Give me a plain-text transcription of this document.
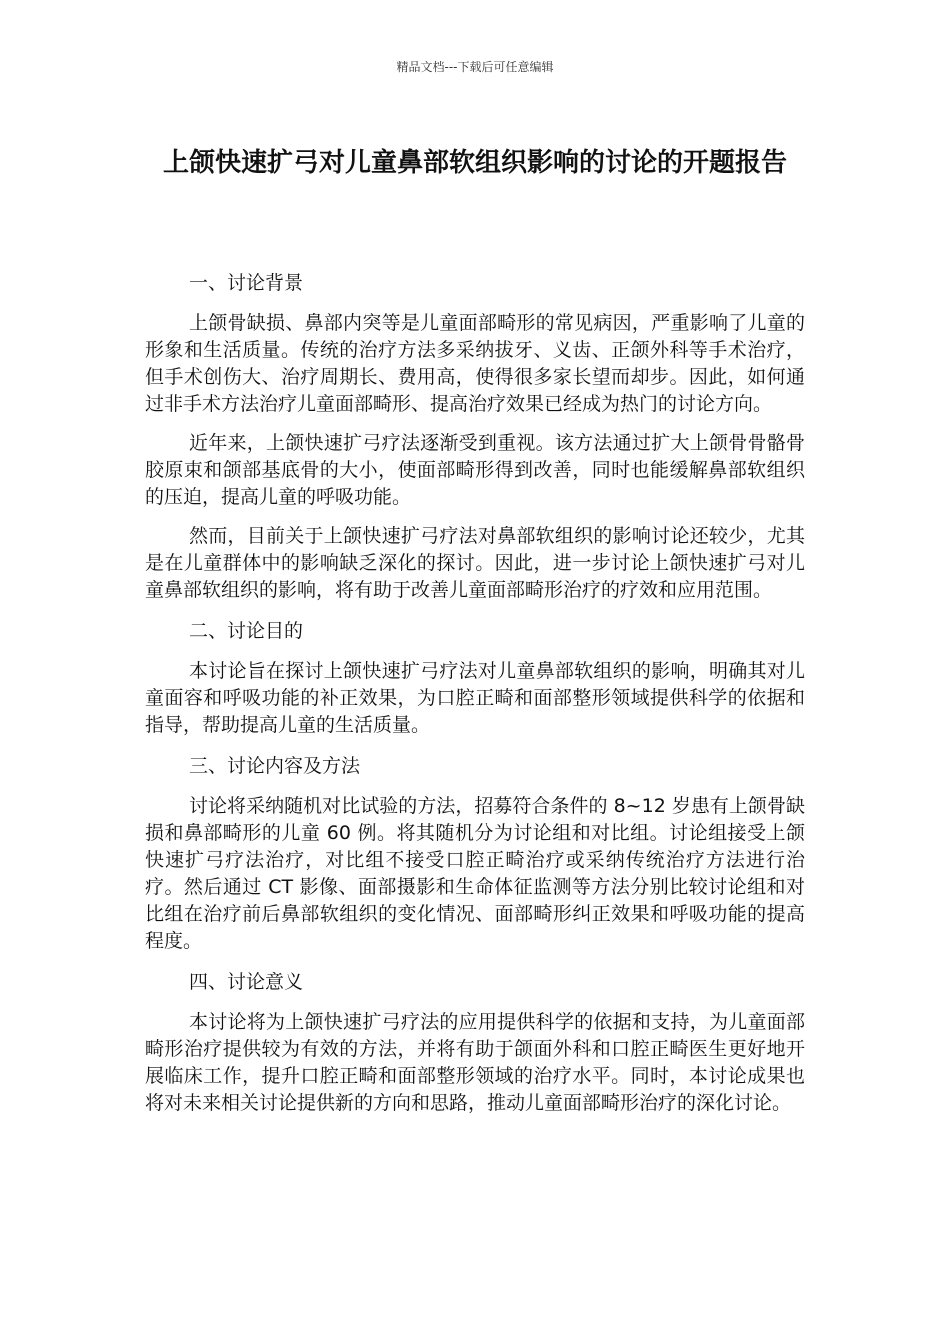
精品文档---下载后可任意编辑
上颌快速扩弓对儿童鼻部软组织影响的讨论的开题报告
一、讨论背景

上颌骨缺损、鼻部内突等是儿童面部畸形的常见病因，严重影响了儿童的形象和生活质量。传统的治疗方法多采纳拔牙、义齿、正颌外科等手术治疗，但手术创伤大、治疗周期长、费用高，使得很多家长望而却步。因此，如何通过非手术方法治疗儿童面部畸形、提高治疗效果已经成为热门的讨论方向。

近年来，上颌快速扩弓疗法逐渐受到重视。该方法通过扩大上颌骨骨骼骨胶原束和颌部基底骨的大小，使面部畸形得到改善，同时也能缓解鼻部软组织的压迫，提高儿童的呼吸功能。

然而，目前关于上颌快速扩弓疗法对鼻部软组织的影响讨论还较少，尤其是在儿童群体中的影响缺乏深化的探讨。因此，进一步讨论上颌快速扩弓对儿童鼻部软组织的影响，将有助于改善儿童面部畸形治疗的疗效和应用范围。

二、讨论目的

本讨论旨在探讨上颌快速扩弓疗法对儿童鼻部软组织的影响，明确其对儿童面容和呼吸功能的补正效果，为口腔正畸和面部整形领域提供科学的依据和指导，帮助提高儿童的生活质量。

三、讨论内容及方法

讨论将采纳随机对比试验的方法，招募符合条件的 8~12 岁患有上颌骨缺损和鼻部畸形的儿童 60 例。将其随机分为讨论组和对比组。讨论组接受上颌快速扩弓疗法治疗，对比组不接受口腔正畸治疗或采纳传统治疗方法进行治疗。然后通过 CT 影像、面部摄影和生命体征监测等方法分别比较讨论组和对比组在治疗前后鼻部软组织的变化情况、面部畸形纠正效果和呼吸功能的提高程度。

四、讨论意义

本讨论将为上颌快速扩弓疗法的应用提供科学的依据和支持，为儿童面部畸形治疗提供较为有效的方法，并将有助于颌面外科和口腔正畸医生更好地开展临床工作，提升口腔正畸和面部整形领域的治疗水平。同时，本讨论成果也将对未来相关讨论提供新的方向和思路，推动儿童面部畸形治疗的深化讨论。
